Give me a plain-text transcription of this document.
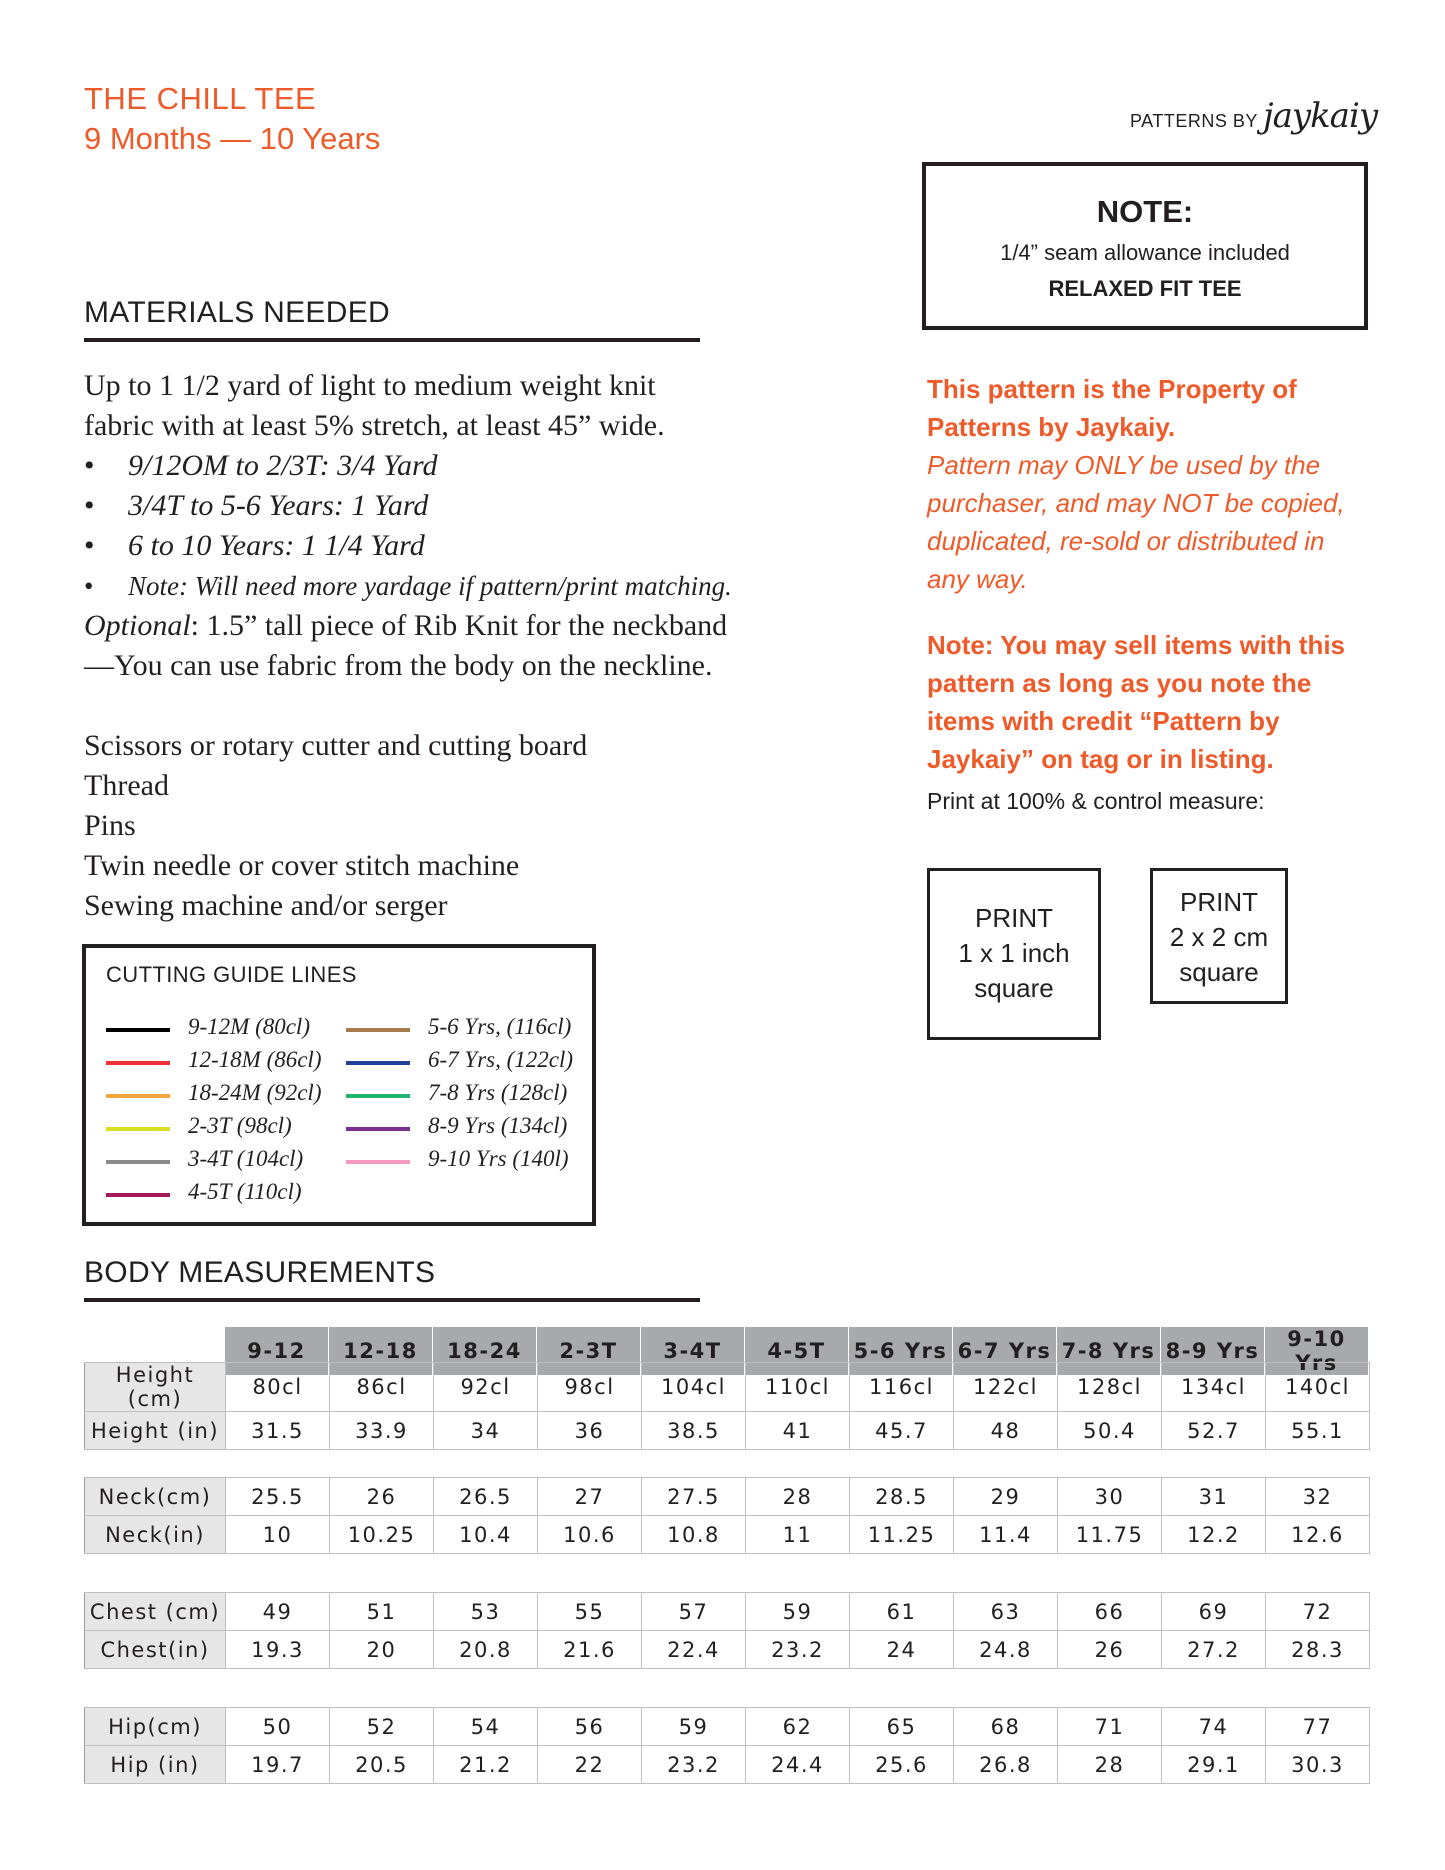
THE CHILL TEE
9 Months — 10 Years	PATTERNS BY jaykaiy
NOTE:
1/4” seam allowance included
RELAXED FIT TEE
MATERIALS NEEDED
Up to 1 1/2 yard of light to medium weight knit
fabric with at least 5% stretch, at least 45” wide.
• 9/12OM to 2/3T: 3/4 Yard
• 3/4T to 5-6 Years: 1 Yard
• 6 to 10 Years: 1 1/4 Yard
• Note: Will need more yardage if pattern/print matching.
Optional: 1.5” tall piece of Rib Knit for the neckband
—You can use fabric from the body on the neckline.
Scissors or rotary cutter and cutting board
Thread
Pins
Twin needle or cover stitch machine
Sewing machine and/or serger
This pattern is the Property of
Patterns by Jaykaiy.
Pattern may ONLY be used by the
purchaser, and may NOT be copied,
duplicated, re-sold or distributed in
any way.
Note: You may sell items with this
pattern as long as you note the
items with credit “Pattern by
Jaykaiy” on tag or in listing.
Print at 100% & control measure:
PRINT
1 x 1 inch
square
PRINT
2 x 2 cm
square
CUTTING GUIDE LINES
9-12M (80cl)
12-18M (86cl)
18-24M (92cl)
2-3T (98cl)
3-4T (104cl)
4-5T (110cl)
5-6 Yrs, (116cl)
6-7 Yrs, (122cl)
7-8 Yrs (128cl)
8-9 Yrs (134cl)
9-10 Yrs (140l)
BODY MEASUREMENTS
9-12	12-18	18-24	2-3T	3-4T	4-5T	5-6 Yrs	6-7 Yrs	7-8 Yrs	8-9 Yrs	9-10 Yrs
Height (cm)	80cl	86cl	92cl	98cl	104cl	110cl	116cl	122cl	128cl	134cl	140cl
Height (in)	31.5	33.9	34	36	38.5	41	45.7	48	50.4	52.7	55.1
Neck(cm)	25.5	26	26.5	27	27.5	28	28.5	29	30	31	32
Neck(in)	10	10.25	10.4	10.6	10.8	11	11.25	11.4	11.75	12.2	12.6
Chest (cm)	49	51	53	55	57	59	61	63	66	69	72
Chest(in)	19.3	20	20.8	21.6	22.4	23.2	24	24.8	26	27.2	28.3
Hip(cm)	50	52	54	56	59	62	65	68	71	74	77
Hip (in)	19.7	20.5	21.2	22	23.2	24.4	25.6	26.8	28	29.1	30.3
